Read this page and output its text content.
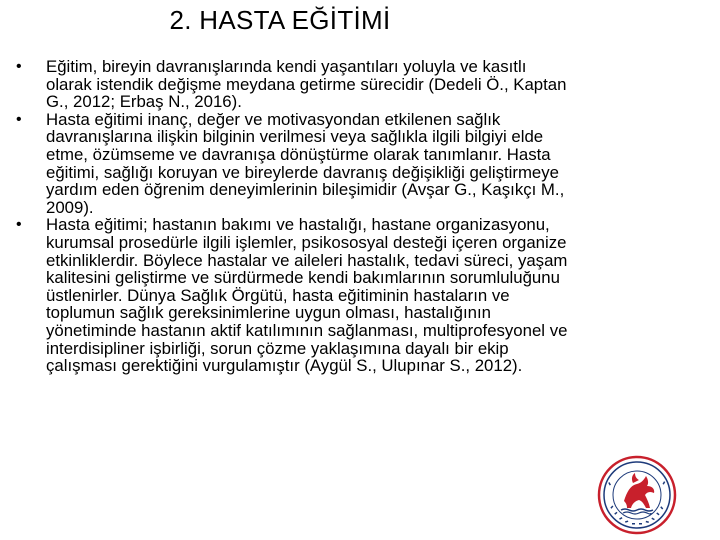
2. HASTA EĞİTİMİ
• Eğitim, bireyin davranışlarında kendi yaşantıları yoluyla ve kasıtlı olarak istendik değişme meydana getirme sürecidir (Dedeli Ö., Kaptan G., 2012; Erbaş N., 2016).
• Hasta eğitimi inanç, değer ve motivasyondan etkilenen sağlık davranışlarına ilişkin bilginin verilmesi veya sağlıkla ilgili bilgiyi elde etme, özümseme ve davranışa dönüştürme olarak tanımlanır. Hasta eğitimi, sağlığı koruyan ve bireylerde davranış değişikliği geliştirmeye yardım eden öğrenim deneyimlerinin bileşimidir (Avşar G., Kaşıkçı M., 2009).
• Hasta eğitimi; hastanın bakımı ve hastalığı, hastane organizasyonu, kurumsal prosedürle ilgili işlemler, psikososyal desteği içeren organize etkinliklerdir. Böylece hastalar ve aileleri hastalık, tedavi süreci, yaşam kalitesini geliştirme ve sürdürmede kendi bakımlarının sorumluluğunu üstlenirler. Dünya Sağlık Örgütü, hasta eğitiminin hastaların ve toplumun sağlık gereksinimlerine uygun olması, hastalığının yönetiminde hastanın aktif katılımının sağlanması, multiprofesyonel ve interdisipliner işbirliği, sorun çözme yaklaşımına dayalı bir ekip çalışması gerektiğini vurgulamıştır (Aygül S., Ulupınar S., 2012).
